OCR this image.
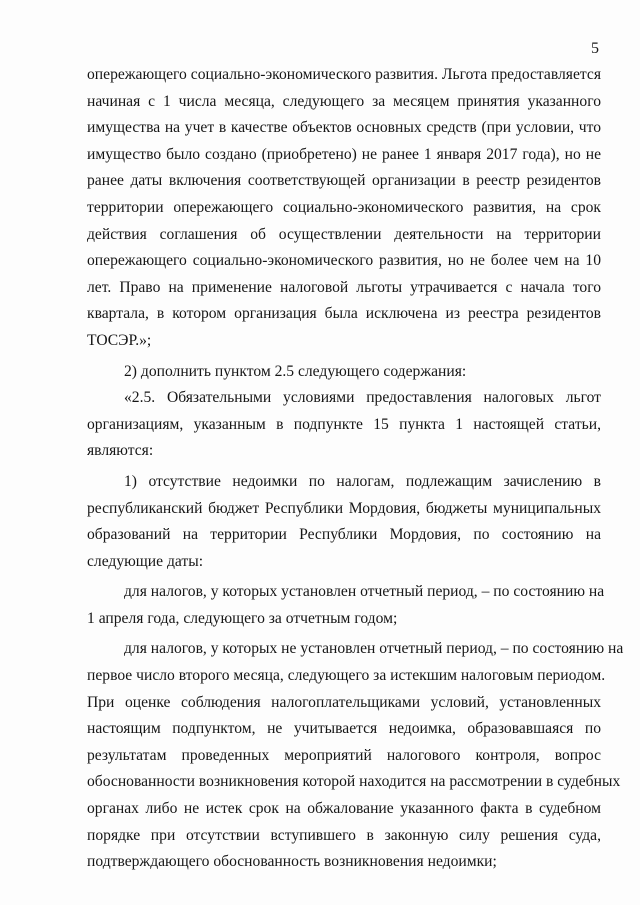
5
опережающего социально-экономического развития. Льгота предоставляется
начиная с 1 числа месяца, следующего за месяцем принятия указанного
имущества на учет в качестве объектов основных средств (при условии, что
имущество было создано (приобретено) не ранее 1 января 2017 года), но не
ранее даты включения соответствующей организации в реестр резидентов
территории опережающего социально-экономического развития, на срок
действия соглашения об осуществлении деятельности на территории
опережающего социально-экономического развития, но не более чем на 10
лет. Право на применение налоговой льготы утрачивается с начала того
квартала, в котором организация была исключена из реестра резидентов
ТОСЭР.»;
2) дополнить пунктом 2.5 следующего содержания:
«2.5. Обязательными условиями предоставления налоговых льгот
организациям, указанным в подпункте 15 пункта 1 настоящей статьи,
являются:
1) отсутствие недоимки по налогам, подлежащим зачислению в
республиканский бюджет Республики Мордовия, бюджеты муниципальных
образований на территории Республики Мордовия, по состоянию на
следующие даты:
для налогов, у которых установлен отчетный период, – по состоянию на
1 апреля года, следующего за отчетным годом;
для налогов, у которых не установлен отчетный период, – по состоянию на
первое число второго месяца, следующего за истекшим налоговым периодом.
При оценке соблюдения налогоплательщиками условий, установленных
настоящим подпунктом, не учитывается недоимка, образовавшаяся по
результатам проведенных мероприятий налогового контроля, вопрос
обоснованности возникновения которой находится на рассмотрении в судебных
органах либо не истек срок на обжалование указанного факта в судебном
порядке при отсутствии вступившего в законную силу решения суда,
подтверждающего обоснованность возникновения недоимки;
